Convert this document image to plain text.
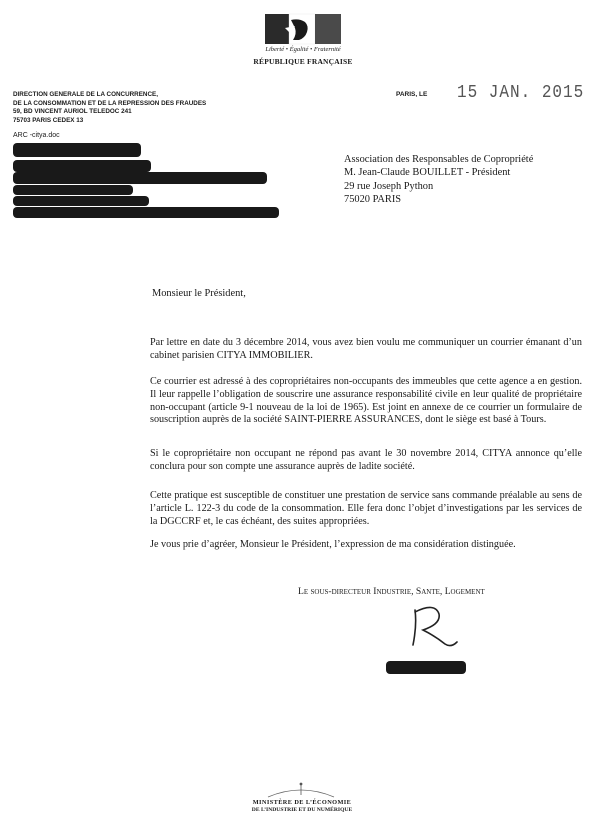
Liberté • Égalité • Fraternité
RÉPUBLIQUE FRANÇAISE
DIRECTION GENERALE DE LA CONCURRENCE,
DE LA CONSOMMATION ET DE LA REPRESSION DES FRAUDES
59, BD VINCENT AURIOL TELEDOC 241
75703 PARIS CEDEX 13
ARC -citya.doc
PARIS, LE 15 JAN. 2015
Association des Responsables de Copropriété
M. Jean-Claude BOUILLET - Président
29 rue Joseph Python
75020 PARIS
Monsieur le Président,
Par lettre en date du 3 décembre 2014, vous avez bien voulu me communiquer un courrier émanant d’un cabinet parisien CITYA IMMOBILIER.
Ce courrier est adressé à des copropriétaires non-occupants des immeubles que cette agence a en gestion. Il leur rappelle l’obligation de souscrire une assurance responsabilité civile en leur qualité de propriétaire non-occupant (article 9-1 nouveau de la loi de 1965). Est joint en annexe de ce courrier un formulaire de souscription auprès de la société SAINT-PIERRE ASSURANCES, dont le siège est basé à Tours.
Si le copropriétaire non occupant ne répond pas avant le 30 novembre 2014, CITYA annonce qu’elle conclura pour son compte une assurance auprès de ladite société.
Cette pratique est susceptible de constituer une prestation de service sans commande préalable au sens de l’article L. 122-3 du code de la consommation. Elle fera donc l’objet d’investigations par les services de la DGCCRF et, le cas échéant, des suites appropriées.
Je vous prie d’agréer, Monsieur le Président, l’expression de ma considération distinguée.
Le sous-directeur Industrie, Sante, Logement
MINISTÈRE DE L’ÉCONOMIE
DE L’INDUSTRIE ET DU NUMÉRIQUE
